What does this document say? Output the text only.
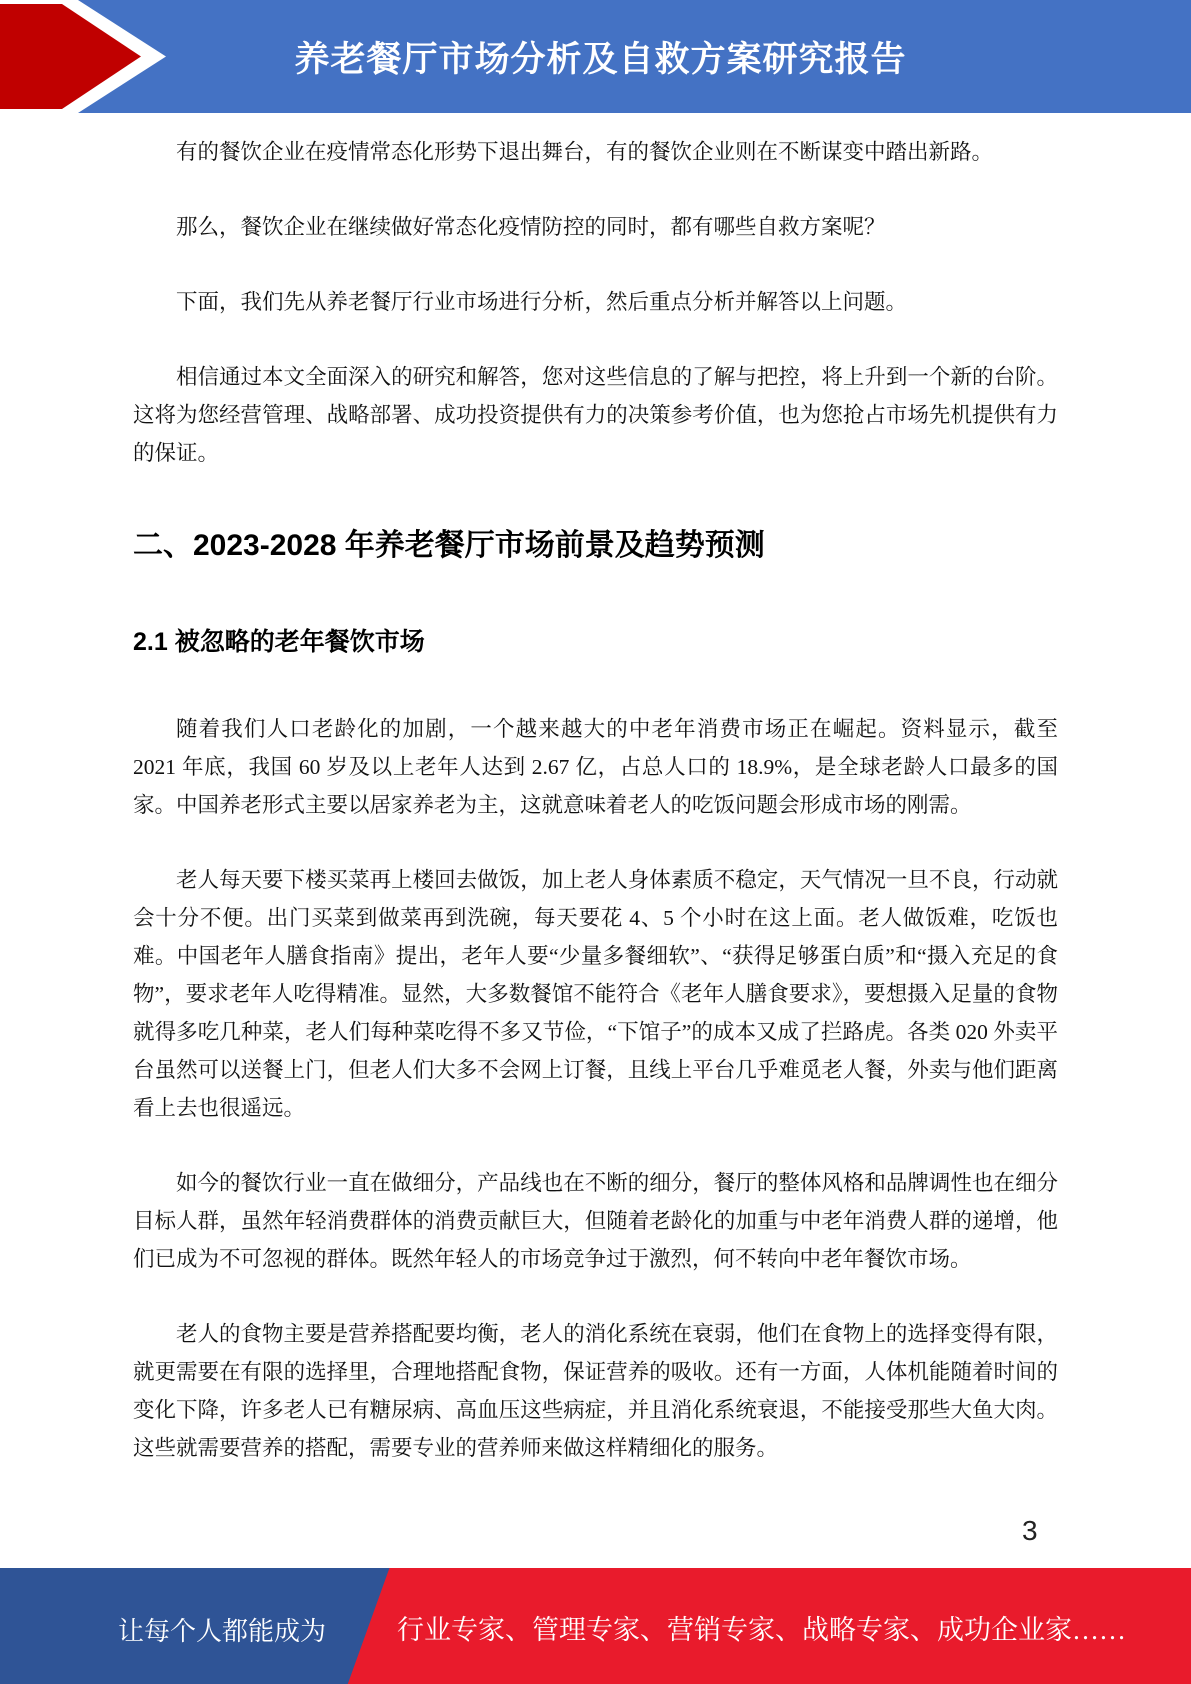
养老餐厅市场分析及自救方案研究报告

有的餐饮企业在疫情常态化形势下退出舞台，有的餐饮企业则在不断谋变中踏出新路。

那么，餐饮企业在继续做好常态化疫情防控的同时，都有哪些自救方案呢？

下面，我们先从养老餐厅行业市场进行分析，然后重点分析并解答以上问题。

相信通过本文全面深入的研究和解答，您对这些信息的了解与把控，将上升到一个新的台阶。这将为您经营管理、战略部署、成功投资提供有力的决策参考价值，也为您抢占市场先机提供有力的保证。

二、2023-2028 年养老餐厅市场前景及趋势预测
2.1 被忽略的老年餐饮市场

随着我们人口老龄化的加剧，一个越来越大的中老年消费市场正在崛起。资料显示，截至 2021 年底，我国 60 岁及以上老年人达到 2.67 亿，占总人口的 18.9%，是全球老龄人口最多的国家。中国养老形式主要以居家养老为主，这就意味着老人的吃饭问题会形成市场的刚需。

老人每天要下楼买菜再上楼回去做饭，加上老人身体素质不稳定，天气情况一旦不良，行动就会十分不便。出门买菜到做菜再到洗碗，每天要花 4、5 个小时在这上面。老人做饭难，吃饭也难。中国老年人膳食指南》提出，老年人要“少量多餐细软”、“获得足够蛋白质”和“摄入充足的食物”，要求老年人吃得精准。显然，大多数餐馆不能符合《老年人膳食要求》，要想摄入足量的食物就得多吃几种菜，老人们每种菜吃得不多又节俭，“下馆子”的成本又成了拦路虎。各类 020 外卖平台虽然可以送餐上门，但老人们大多不会网上订餐，且线上平台几乎难觅老人餐，外卖与他们距离看上去也很遥远。

如今的餐饮行业一直在做细分，产品线也在不断的细分，餐厅的整体风格和品牌调性也在细分目标人群，虽然年轻消费群体的消费贡献巨大，但随着老龄化的加重与中老年消费人群的递增，他们已成为不可忽视的群体。既然年轻人的市场竞争过于激烈，何不转向中老年餐饮市场。

老人的食物主要是营养搭配要均衡，老人的消化系统在衰弱，他们在食物上的选择变得有限，就更需要在有限的选择里，合理地搭配食物，保证营养的吸收。还有一方面，人体机能随着时间的变化下降，许多老人已有糖尿病、高血压这些病症，并且消化系统衰退，不能接受那些大鱼大肉。这些就需要营养的搭配，需要专业的营养师来做这样精细化的服务。

3
让每个人都能成为	行业专家、管理专家、营销专家、战略专家、成功企业家……
